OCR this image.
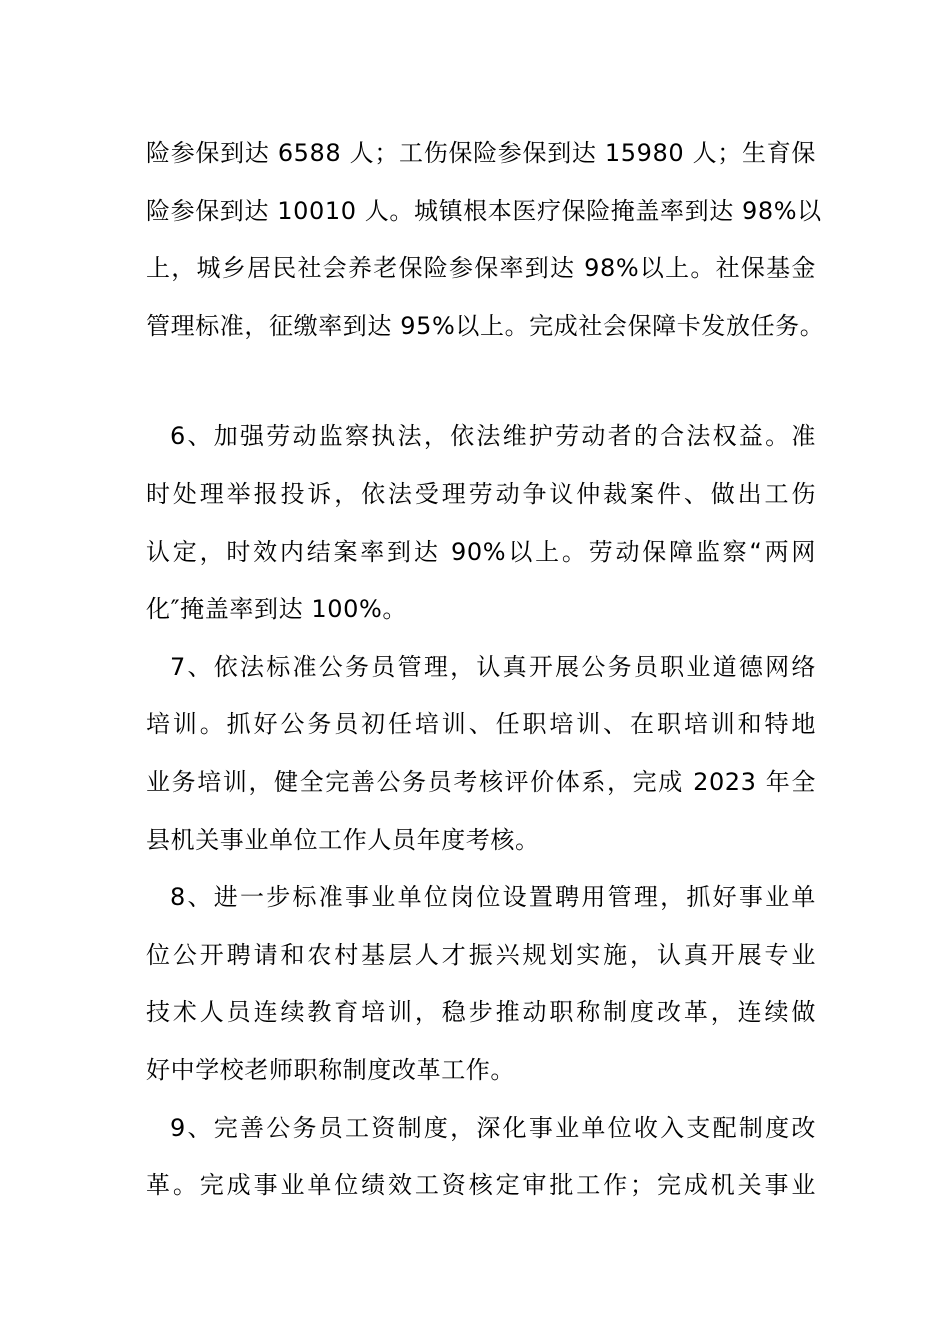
险参保到达 6588 人；工伤保险参保到达 15980 人；生育保
险参保到达 10010 人。城镇根本医疗保险掩盖率到达 98%以
上，城乡居民社会养老保险参保率到达 98%以上。社保基金
管理标准，征缴率到达 95%以上。完成社会保障卡发放任务。
6、加强劳动监察执法，依法维护劳动者的合法权益。准
时处理举报投诉，依法受理劳动争议仲裁案件、做出工伤
认定，时效内结案率到达 90%以上。劳动保障监察“两网
化″掩盖率到达 100%。
7、依法标准公务员管理，认真开展公务员职业道德网络
培训。抓好公务员初任培训、任职培训、在职培训和特地
业务培训，健全完善公务员考核评价体系，完成 2023 年全
县机关事业单位工作人员年度考核。
8、进一步标准事业单位岗位设置聘用管理，抓好事业单
位公开聘请和农村基层人才振兴规划实施，认真开展专业
技术人员连续教育培训，稳步推动职称制度改革，连续做
好中学校老师职称制度改革工作。
9、完善公务员工资制度，深化事业单位收入支配制度改
革。完成事业单位绩效工资核定审批工作；完成机关事业
